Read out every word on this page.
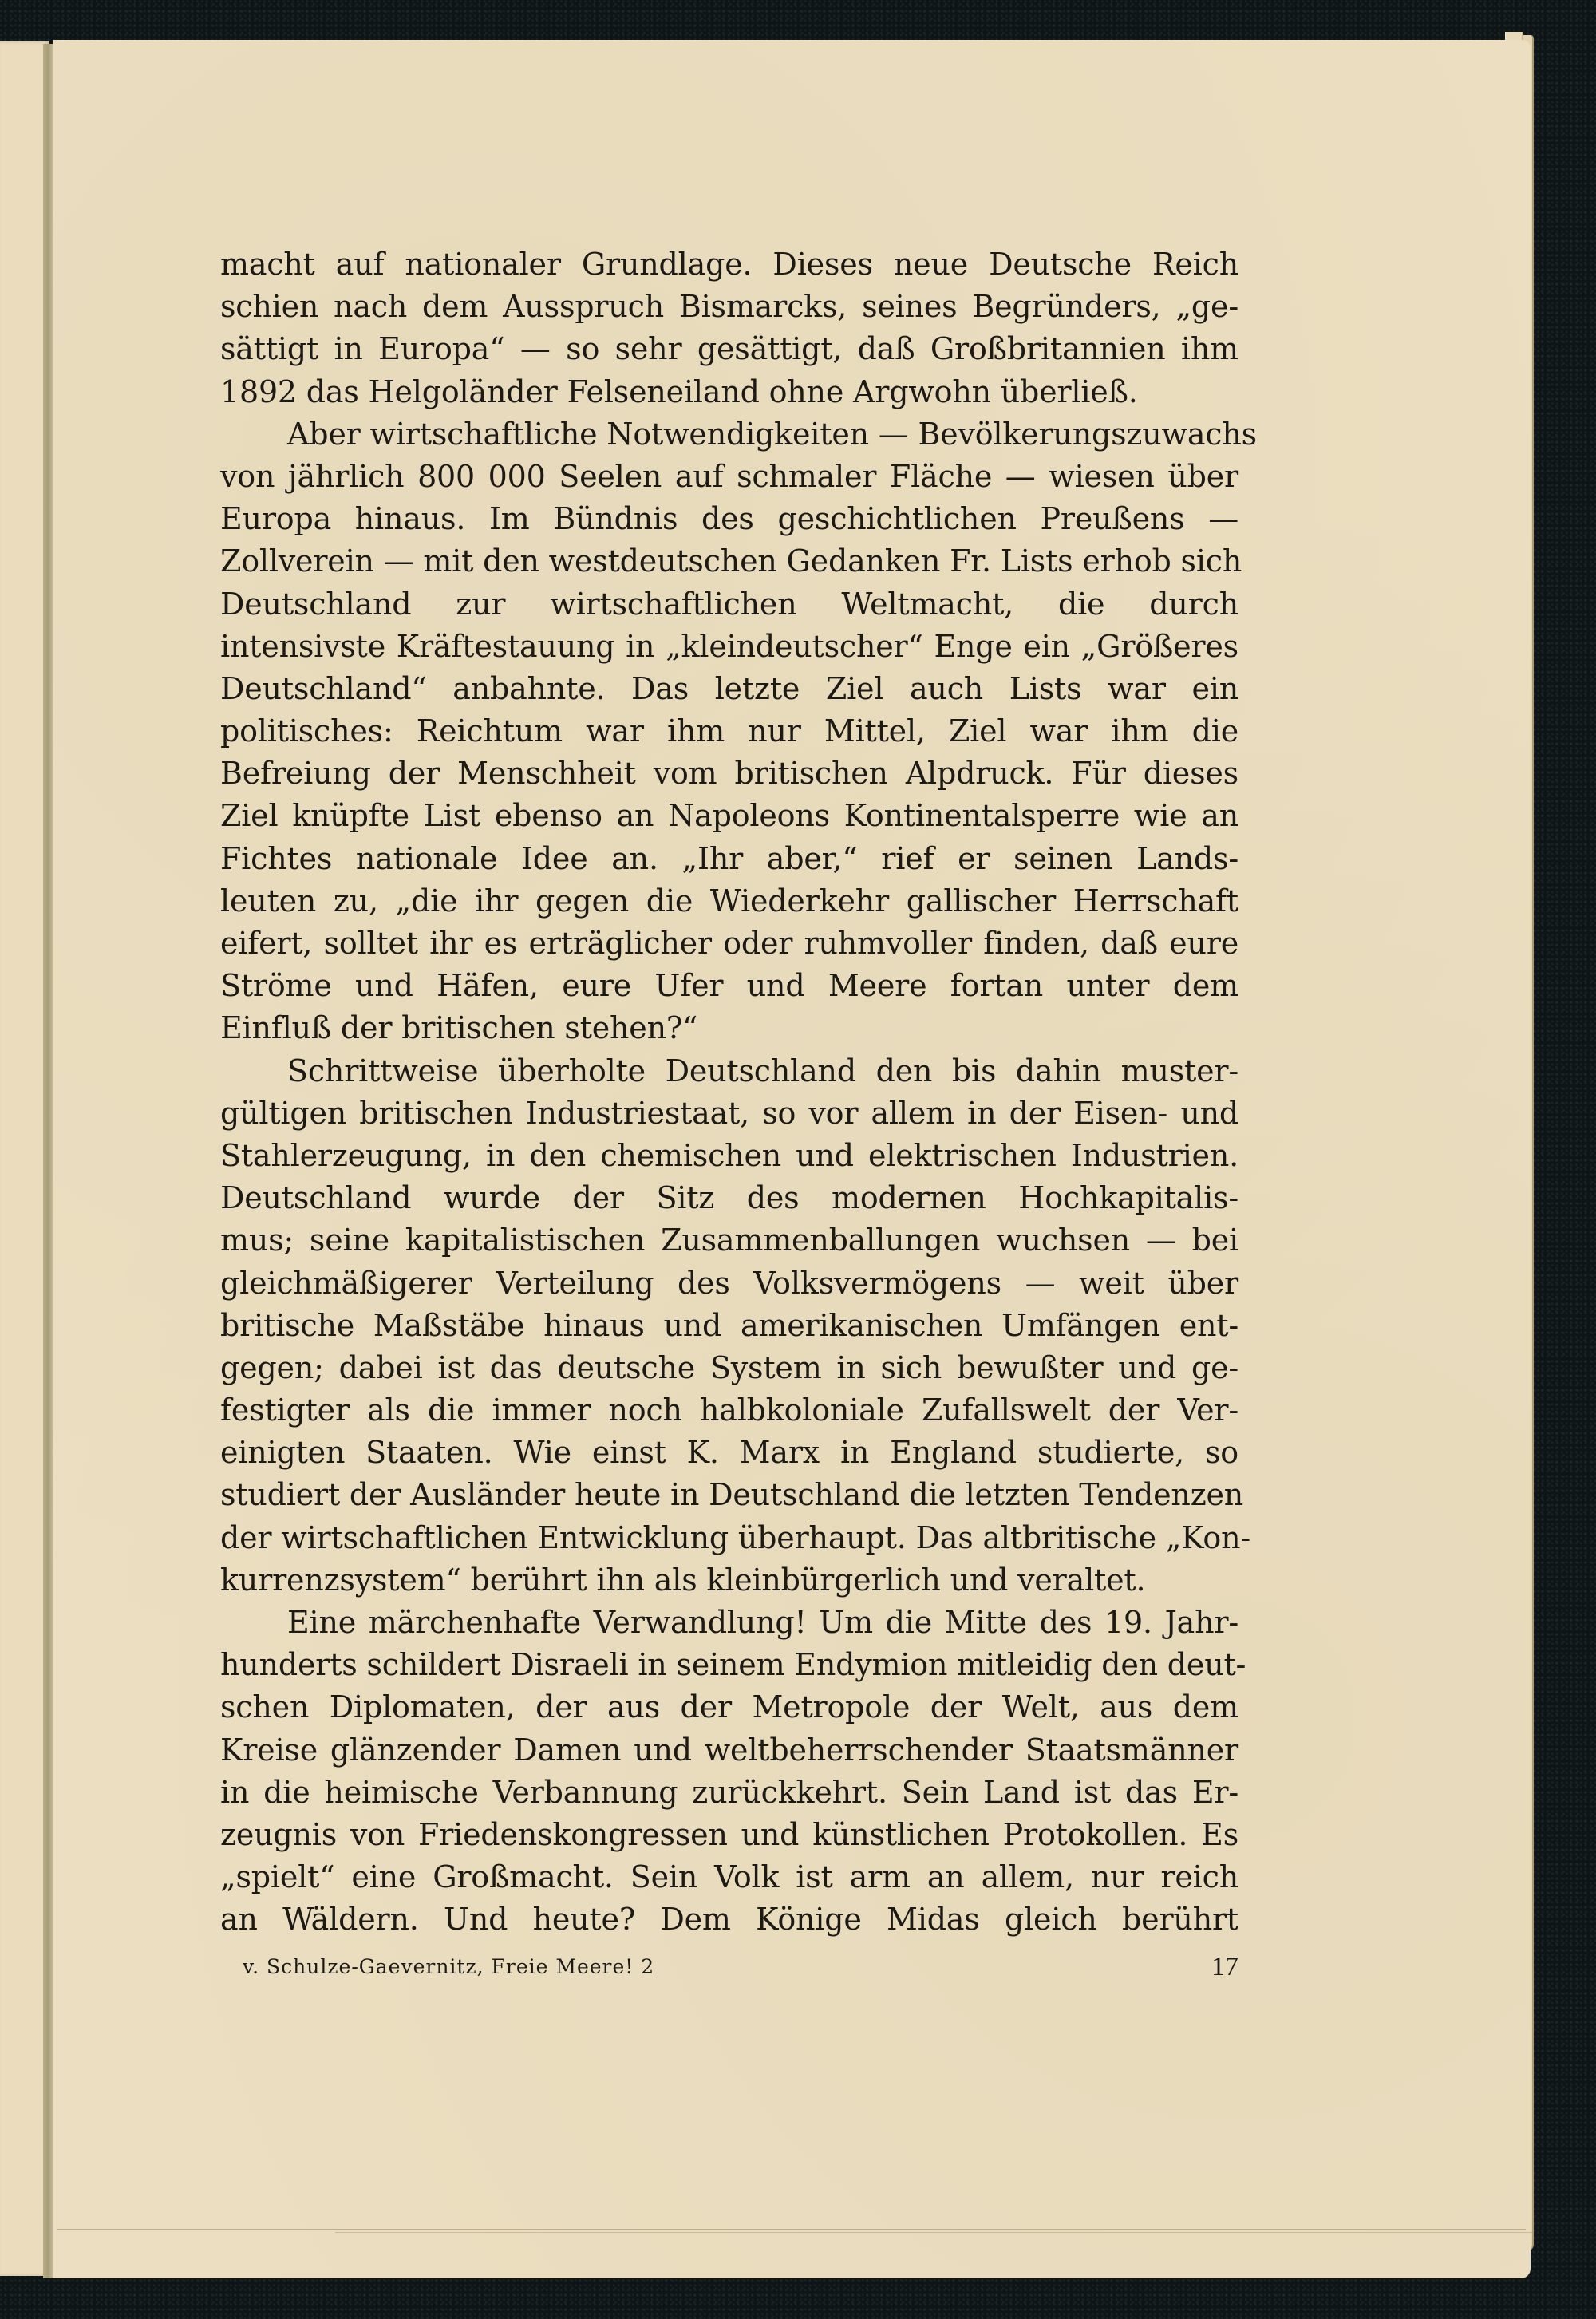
macht auf nationaler Grundlage. Dieses neue Deutsche Reich
schien nach dem Ausspruch Bismarcks, seines Begründers, „ge-
sättigt in Europa“ — so sehr gesättigt, daß Großbritannien ihm
1892 das Helgoländer Felseneiland ohne Argwohn überließ.
Aber wirtschaftliche Notwendigkeiten — Bevölkerungszuwachs
von jährlich 800 000 Seelen auf schmaler Fläche — wiesen über
Europa hinaus. Im Bündnis des geschichtlichen Preußens —
Zollverein — mit den westdeutschen Gedanken Fr. Lists erhob sich
Deutschland zur wirtschaftlichen Weltmacht, die durch
intensivste Kräftestauung in „kleindeutscher“ Enge ein „Größeres
Deutschland“ anbahnte. Das letzte Ziel auch Lists war ein
politisches: Reichtum war ihm nur Mittel, Ziel war ihm die
Befreiung der Menschheit vom britischen Alpdruck. Für dieses
Ziel knüpfte List ebenso an Napoleons Kontinentalsperre wie an
Fichtes nationale Idee an. „Ihr aber,“ rief er seinen Lands-
leuten zu, „die ihr gegen die Wiederkehr gallischer Herrschaft
eifert, solltet ihr es erträglicher oder ruhmvoller finden, daß eure
Ströme und Häfen, eure Ufer und Meere fortan unter dem
Einfluß der britischen stehen?“
Schrittweise überholte Deutschland den bis dahin muster-
gültigen britischen Industriestaat, so vor allem in der Eisen- und
Stahlerzeugung, in den chemischen und elektrischen Industrien.
Deutschland wurde der Sitz des modernen Hochkapitalis-
mus; seine kapitalistischen Zusammenballungen wuchsen — bei
gleichmäßigerer Verteilung des Volksvermögens — weit über
britische Maßstäbe hinaus und amerikanischen Umfängen ent-
gegen; dabei ist das deutsche System in sich bewußter und ge-
festigter als die immer noch halbkoloniale Zufallswelt der Ver-
einigten Staaten. Wie einst K. Marx in England studierte, so
studiert der Ausländer heute in Deutschland die letzten Tendenzen
der wirtschaftlichen Entwicklung überhaupt. Das altbritische „Kon-
kurrenzsystem“ berührt ihn als kleinbürgerlich und veraltet.
Eine märchenhafte Verwandlung! Um die Mitte des 19. Jahr-
hunderts schildert Disraeli in seinem Endymion mitleidig den deut-
schen Diplomaten, der aus der Metropole der Welt, aus dem
Kreise glänzender Damen und weltbeherrschender Staatsmänner
in die heimische Verbannung zurückkehrt. Sein Land ist das Er-
zeugnis von Friedenskongressen und künstlichen Protokollen. Es
„spielt“ eine Großmacht. Sein Volk ist arm an allem, nur reich
an Wäldern. Und heute? Dem Könige Midas gleich berührt
v. Schulze-Gaevernitz, Freie Meere! 2	17
